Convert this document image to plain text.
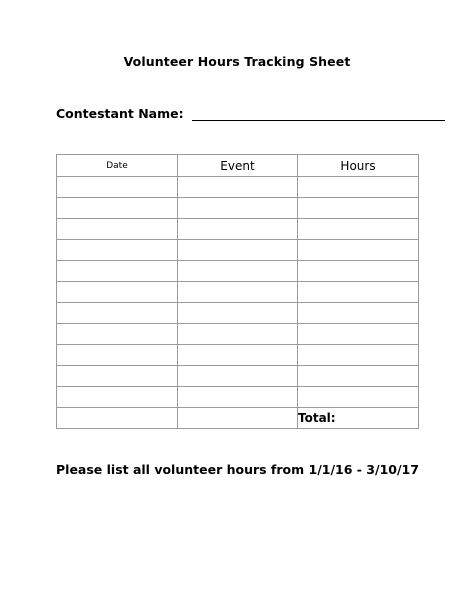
Volunteer Hours Tracking Sheet
Contestant Name:
Date	Event	Hours

		Total:
Please list all volunteer hours from 1/1/16 - 3/10/17
